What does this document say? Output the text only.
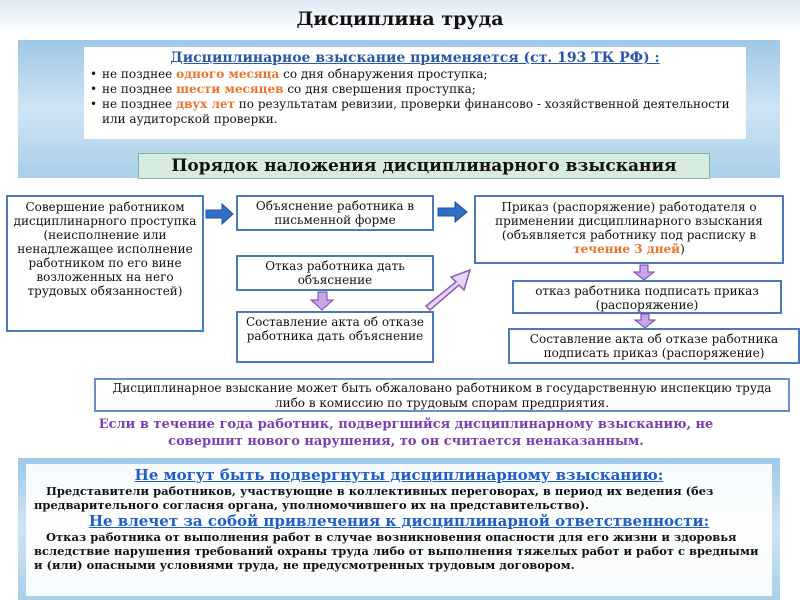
Дисциплина труда
Дисциплинарное взыскание применяется (ст. 193 ТК РФ) :
• не позднее одного месяца со дня обнаружения проступка;
• не позднее шести месяцев со дня свершения проступка;
• не позднее двух лет по результатам ревизии, проверки финансово - хозяйственной деятельности или аудиторской проверки.
Порядок наложения дисциплинарного взыскания
Совершение работником дисциплинарного проступка (неисполнение или ненадлежащее исполнение работником по его вине возложенных на него трудовых обязанностей)
Объяснение работника в письменной форме
Отказ работника дать объяснение
Составление акта об отказе работника дать объяснение
Приказ (распоряжение) работодателя о применении дисциплинарного взыскания (объявляется работнику под расписку в течение 3 дней)
отказ работника подписать приказ (распоряжение)
Составление акта об отказе работника подписать приказ (распоряжение)
Дисциплинарное взыскание может быть обжаловано работником в государственную инспекцию труда либо в комиссию по трудовым спорам предприятия.
Если в течение года работник, подвергшийся дисциплинарному взысканию, не совершит нового нарушения, то он считается ненаказанным.
Не могут быть подвергнуты дисциплинарному взысканию:
Представители работников, участвующие в коллективных переговорах, в период их ведения (без предварительного согласия органа, уполномочившего их на представительство).
Не влечет за собой привлечения к дисциплинарной ответственности:
Отказ работника от выполнения работ в случае возникновения опасности для его жизни и здоровья вследствие нарушения требований охраны труда либо от выполнения тяжелых работ и работ с вредными и (или) опасными условиями труда, не предусмотренных трудовым договором.
